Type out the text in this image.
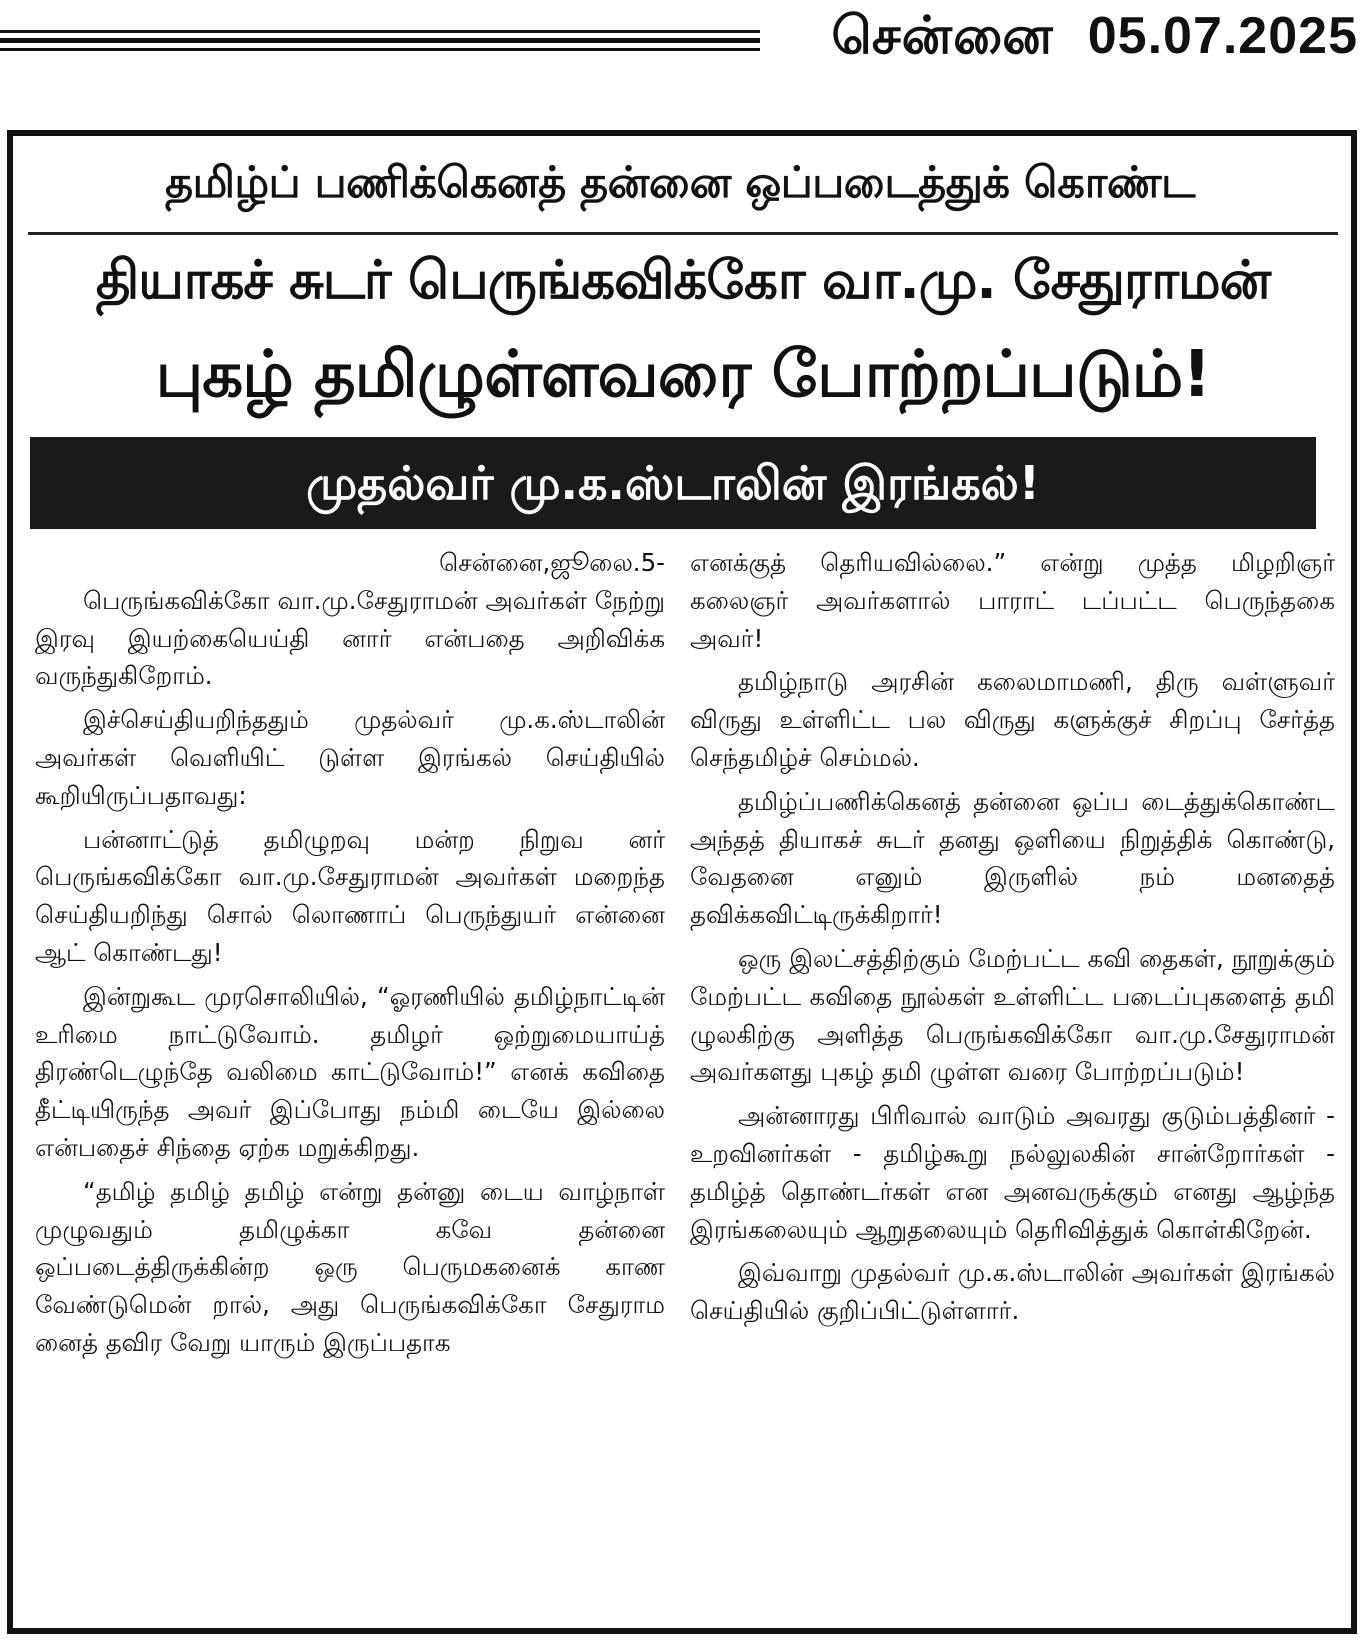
சென்னை 05.07.2025
தமிழ்ப் பணிக்கெனத் தன்னை ஒப்படைத்துக் கொண்ட
தியாகச் சுடர் பெருங்கவிக்கோ வா.மு. சேதுராமன்
புகழ் தமிழுள்ளவரை போற்றப்படும்!
முதல்வர் மு.க.ஸ்டாலின் இரங்கல்!

சென்னை,ஜூலை.5-

பெருங்கவிக்கோ வா.மு.சேதுராமன் அவர்கள் நேற்று இரவு இயற்கையெய்தி னார் என்பதை அறிவிக்க வருந்துகிறோம்.

இச்செய்தியறிந்ததும் முதல்வர் மு.க.ஸ்டாலின் அவர்கள் வெளியிட் டுள்ள இரங்கல் செய்தியில் கூறியிருப்பதாவது:

பன்னாட்டுத் தமிழுறவு மன்ற நிறுவ னர் பெருங்கவிக்கோ வா.மு.சேதுராமன் அவர்கள் மறைந்த செய்தியறிந்து சொல் லொணாப் பெருந்துயர் என்னை ஆட் கொண்டது!

இன்றுகூட முரசொலியில், “ஓரணியில் தமிழ்நாட்டின் உரிமை நாட்டுவோம். தமிழர் ஒற்றுமையாய்த் திரண்டெழுந்தே வலிமை காட்டுவோம்!” எனக் கவிதை தீட்டியிருந்த அவர் இப்போது நம்மி டையே இல்லை என்பதைச் சிந்தை ஏற்க மறுக்கிறது.

“தமிழ் தமிழ் தமிழ் என்று தன்னு டைய வாழ்நாள் முழுவதும் தமிழுக்கா கவே தன்னை ஒப்படைத்திருக்கின்ற ஒரு பெருமகனைக் காண வேண்டுமென் றால், அது பெருங்கவிக்கோ சேதுராம னைத் தவிர வேறு யாரும் இருப்பதாக

எனக்குத் தெரியவில்லை.” என்று முத்த மிழறிஞர் கலைஞர் அவர்களால் பாராட் டப்பட்ட பெருந்தகை அவர்!

தமிழ்நாடு அரசின் கலைமாமணி, திரு வள்ளுவர் விருது உள்ளிட்ட பல விருது களுக்குச் சிறப்பு சேர்த்த செந்தமிழ்ச் செம்மல்.

தமிழ்ப்பணிக்கெனத் தன்னை ஒப்ப டைத்துக்கொண்ட அந்தத் தியாகச் சுடர் தனது ஒளியை நிறுத்திக் கொண்டு, வேதனை எனும் இருளில் நம் மனதைத் தவிக்கவிட்டிருக்கிறார்!

ஒரு இலட்சத்திற்கும் மேற்பட்ட கவி தைகள், நூறுக்கும் மேற்பட்ட கவிதை நூல்கள் உள்ளிட்ட படைப்புகளைத் தமி ழுலகிற்கு அளித்த பெருங்கவிக்கோ வா.மு.சேதுராமன் அவர்களது புகழ் தமி ழுள்ள வரை போற்றப்படும்!

அன்னாரது பிரிவால் வாடும் அவரது குடும்பத்தினர் - உறவினர்கள் - தமிழ்கூறு நல்லுலகின் சான்றோர்கள் - தமிழ்த் தொண்டர்கள் என அனவருக்கும் எனது ஆழ்ந்த இரங்கலையும் ஆறுதலையும் தெரிவித்துக் கொள்கிறேன்.

இவ்வாறு முதல்வர் மு.க.ஸ்டாலின் அவர்கள் இரங்கல் செய்தியில் குறிப்பிட்டுள்ளார்.
